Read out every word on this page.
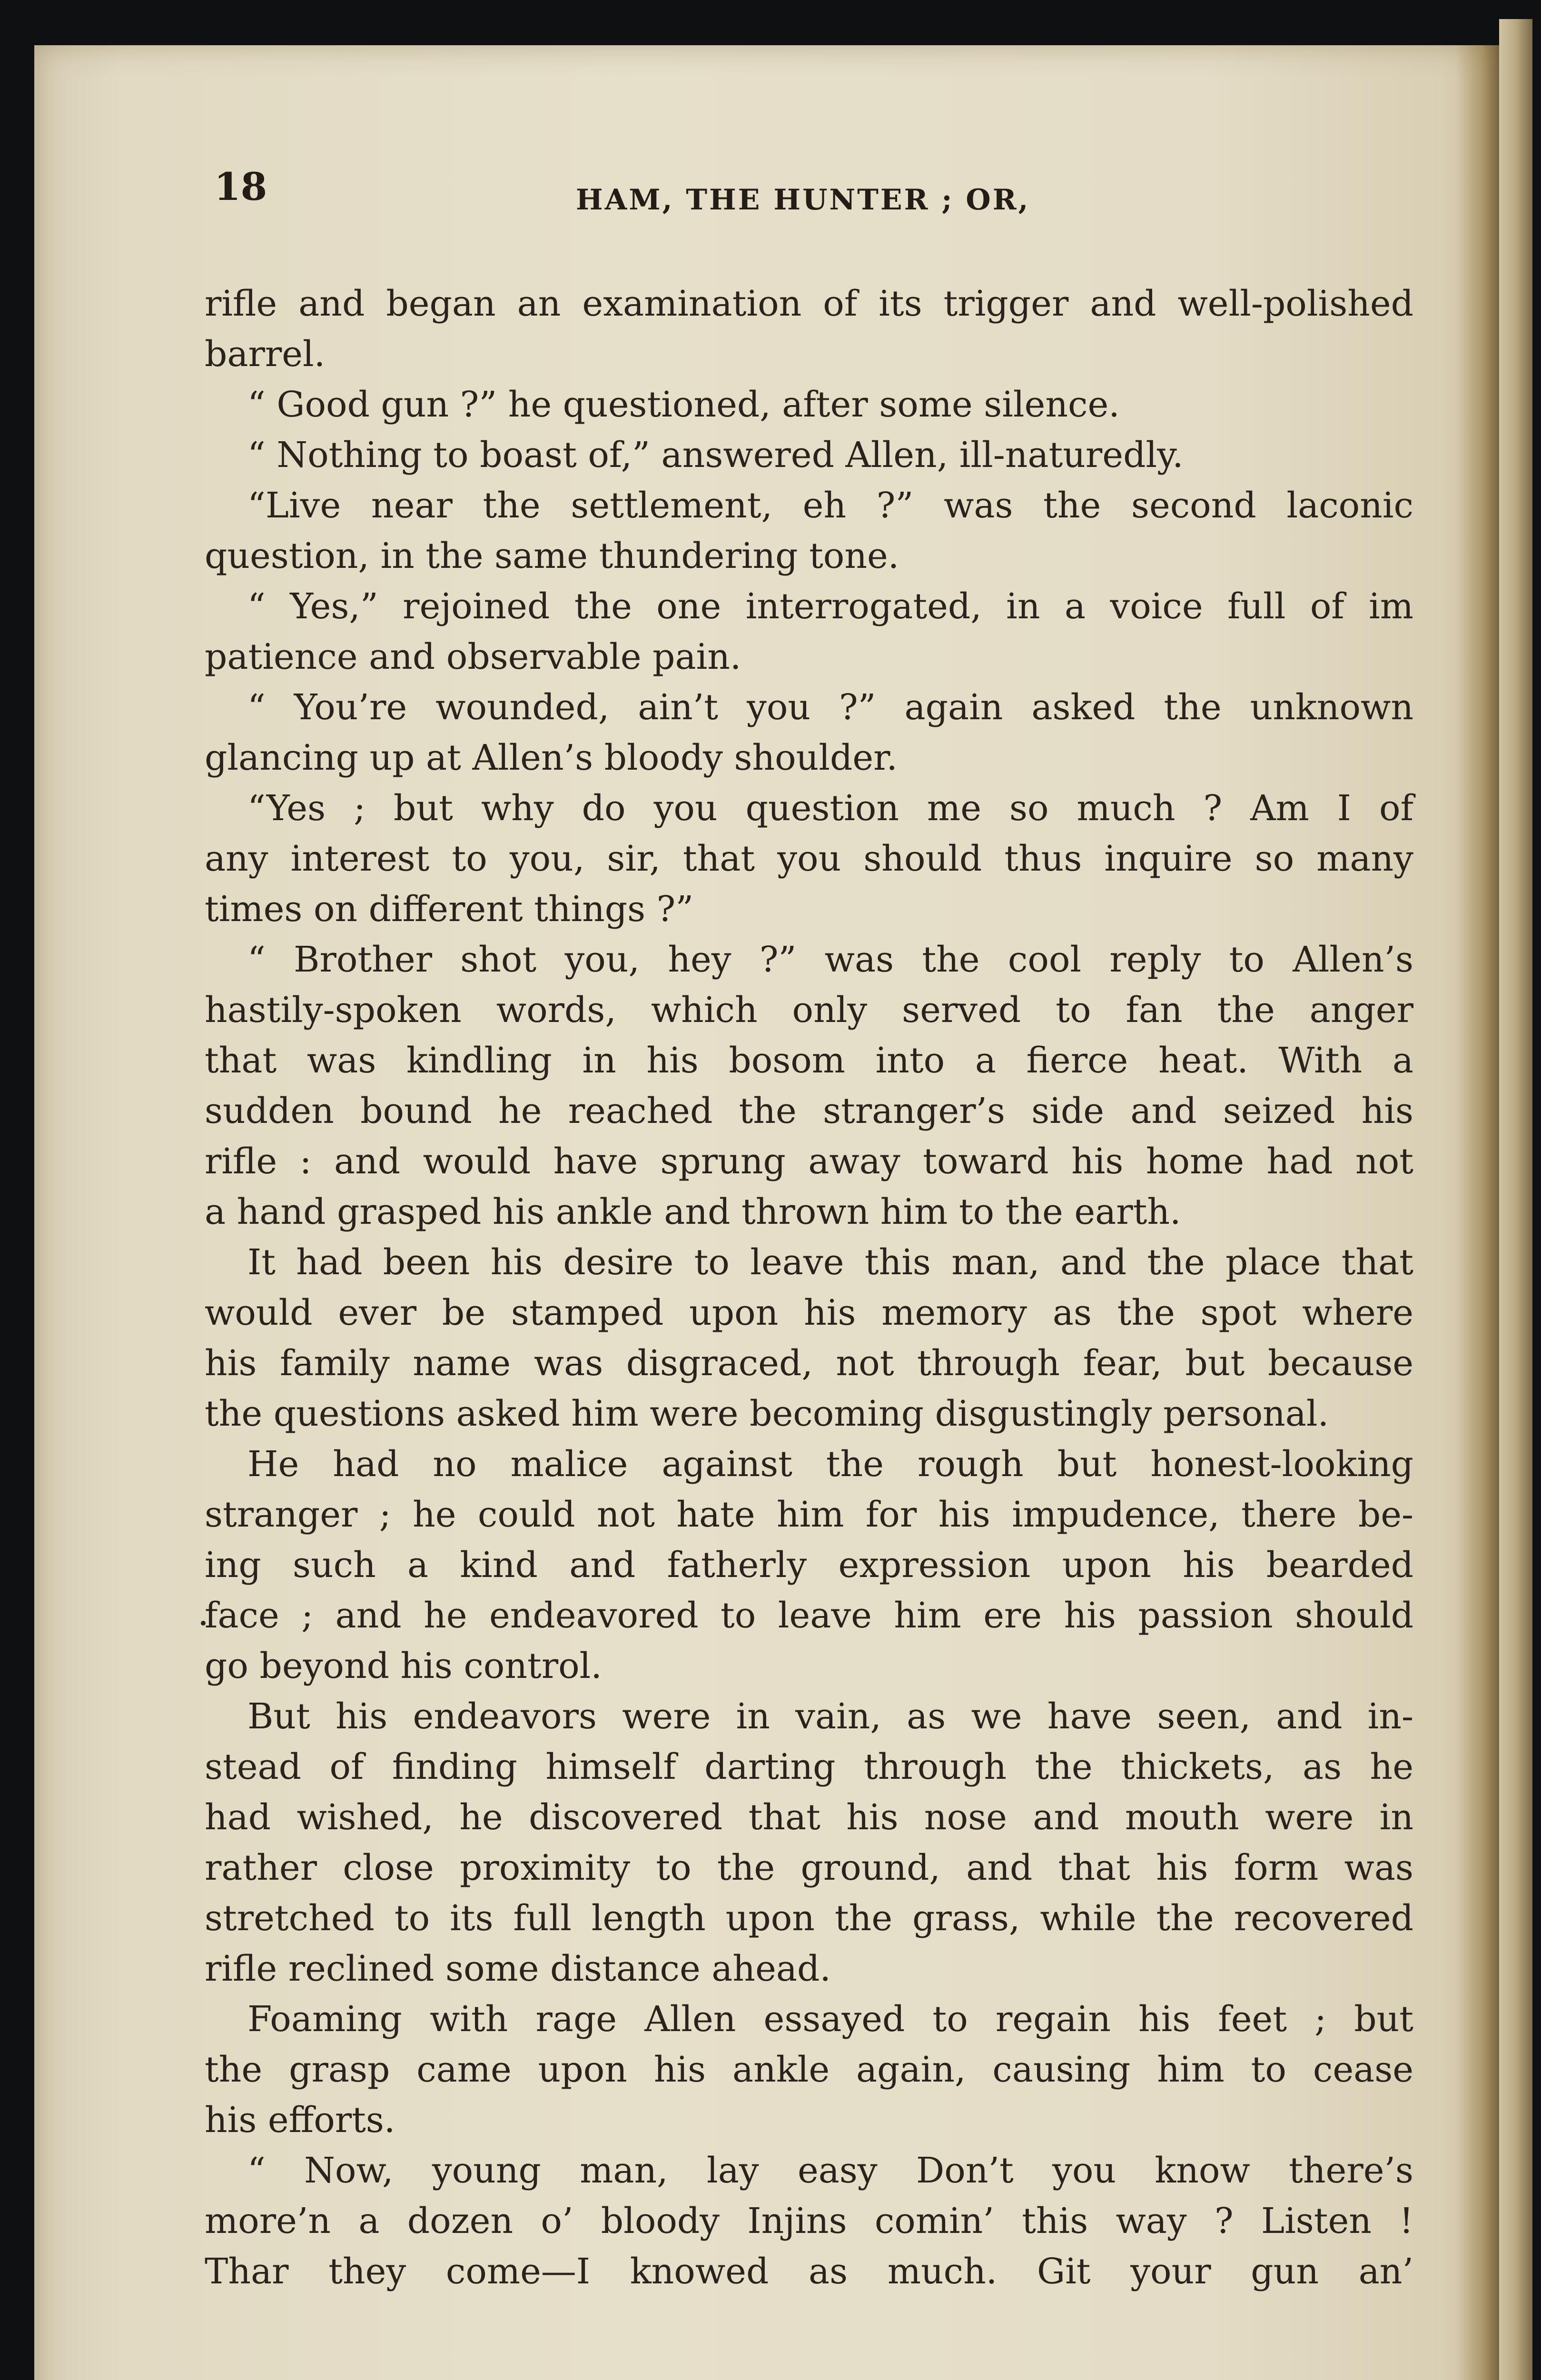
18	HAM, THE HUNTER ; OR,
rifle and began an examination of its trigger and well-polished
barrel.
“ Good gun ?” he questioned, after some silence.
“ Nothing to boast of,” answered Allen, ill-naturedly.
“Live near the settlement, eh ?” was the second laconic
question, in the same thundering tone.
“ Yes,” rejoined the one interrogated, in a voice full of im
patience and observable pain.
“ You’re wounded, ain’t you ?” again asked the unknown
glancing up at Allen’s bloody shoulder.
“Yes ; but why do you question me so much ? Am I of
any interest to you, sir, that you should thus inquire so many
times on different things ?”
“ Brother shot you, hey ?” was the cool reply to Allen’s
hastily-spoken words, which only served to fan the anger
that was kindling in his bosom into a fierce heat. With a
sudden bound he reached the stranger’s side and seized his
rifle : and would have sprung away toward his home had not
a hand grasped his ankle and thrown him to the earth.
It had been his desire to leave this man, and the place that
would ever be stamped upon his memory as the spot where
his family name was disgraced, not through fear, but because
the questions asked him were becoming disgustingly personal.
He had no malice against the rough but honest-looking
stranger ; he could not hate him for his impudence, there be-
ing such a kind and fatherly expression upon his bearded
face ; and he endeavored to leave him ere his passion should
go beyond his control.
But his endeavors were in vain, as we have seen, and in-
stead of finding himself darting through the thickets, as he
had wished, he discovered that his nose and mouth were in
rather close proximity to the ground, and that his form was
stretched to its full length upon the grass, while the recovered
rifle reclined some distance ahead.
Foaming with rage Allen essayed to regain his feet ; but
the grasp came upon his ankle again, causing him to cease
his efforts.
“ Now, young man, lay easy Don’t you know there’s
more’n a dozen o’ bloody Injins comin’ this way ? Listen !
Thar they come—I knowed as much. Git your gun an’
